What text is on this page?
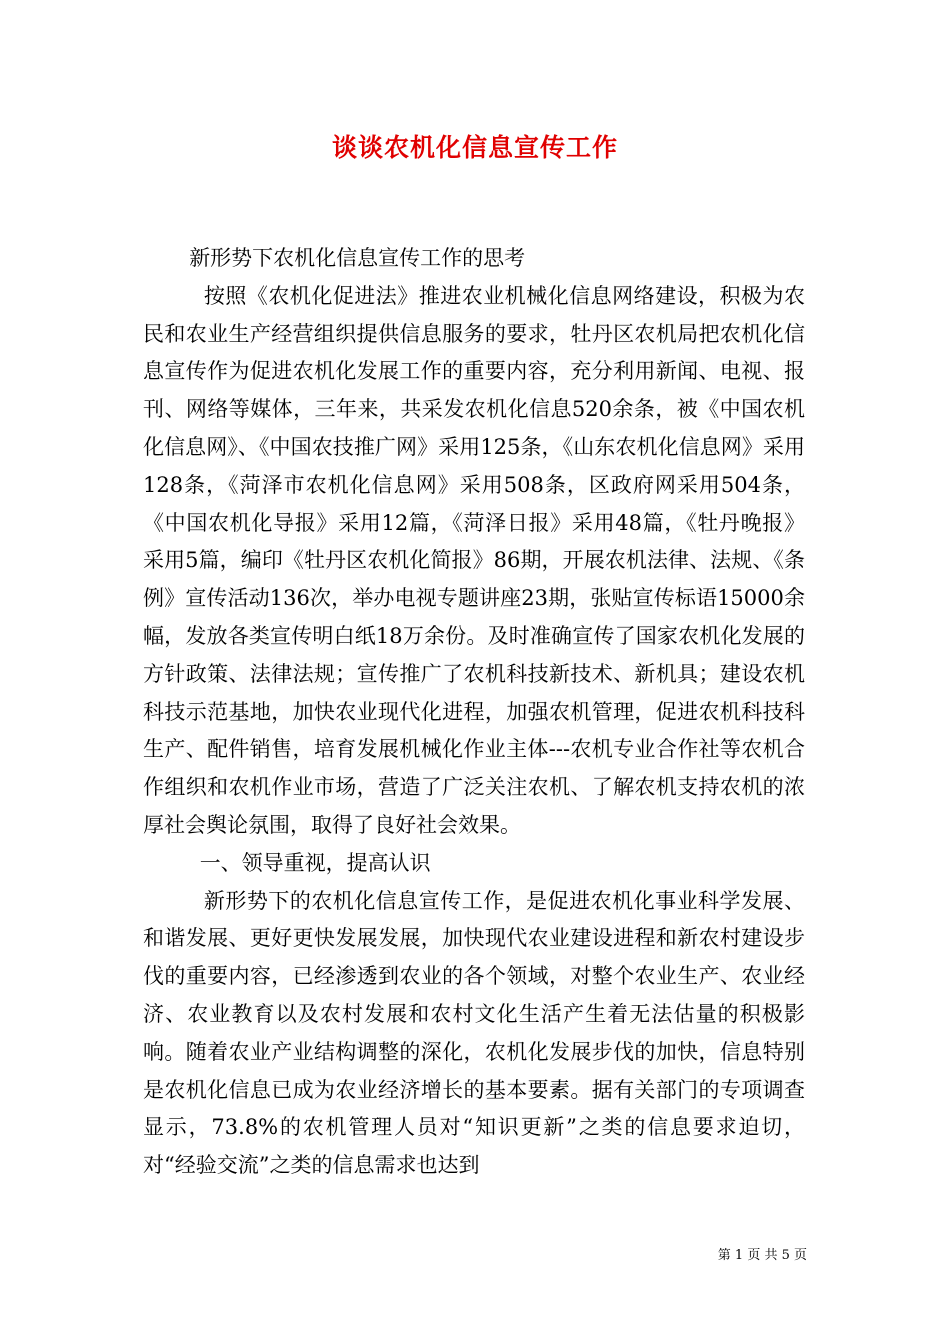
谈谈农机化信息宣传工作

新形势下农机化信息宣传工作的思考

按照《农机化促进法》推进农业机械化信息网络建设，积极为农民和农业生产经营组织提供信息服务的要求，牡丹区农机局把农机化信息宣传作为促进农机化发展工作的重要内容，充分利用新闻、电视、报刊、网络等媒体，三年来，共采发农机化信息520余条，被《中国农机化信息网》、《中国农技推广网》采用125条，《山东农机化信息网》采用128条，《菏泽市农机化信息网》采用508条，区政府网采用504条，《中国农机化导报》采用12篇，《菏泽日报》采用48篇，《牡丹晚报》采用5篇，编印《牡丹区农机化简报》86期，开展农机法律、法规、《条例》宣传活动136次，举办电视专题讲座23期，张贴宣传标语15000余幅，发放各类宣传明白纸18万余份。及时准确宣传了国家农机化发展的方针政策、法律法规；宣传推广了农机科技新技术、新机具；建设农机科技示范基地，加快农业现代化进程，加强农机管理，促进农机科技科生产、配件销售，培育发展机械化作业主体---农机专业合作社等农机合作组织和农机作业市场，营造了广泛关注农机、了解农机支持农机的浓厚社会舆论氛围，取得了良好社会效果。

一、领导重视，提高认识

新形势下的农机化信息宣传工作，是促进农机化事业科学发展、和谐发展、更好更快发展发展，加快现代农业建设进程和新农村建设步伐的重要内容，已经渗透到农业的各个领域，对整个农业生产、农业经济、农业教育以及农村发展和农村文化生活产生着无法估量的积极影响。随着农业产业结构调整的深化，农机化发展步伐的加快，信息特别是农机化信息已成为农业经济增长的基本要素。据有关部门的专项调查显示，73.8%的农机管理人员对“知识更新”之类的信息要求迫切，对“经验交流”之类的信息需求也达到

第 1 页 共 5 页
